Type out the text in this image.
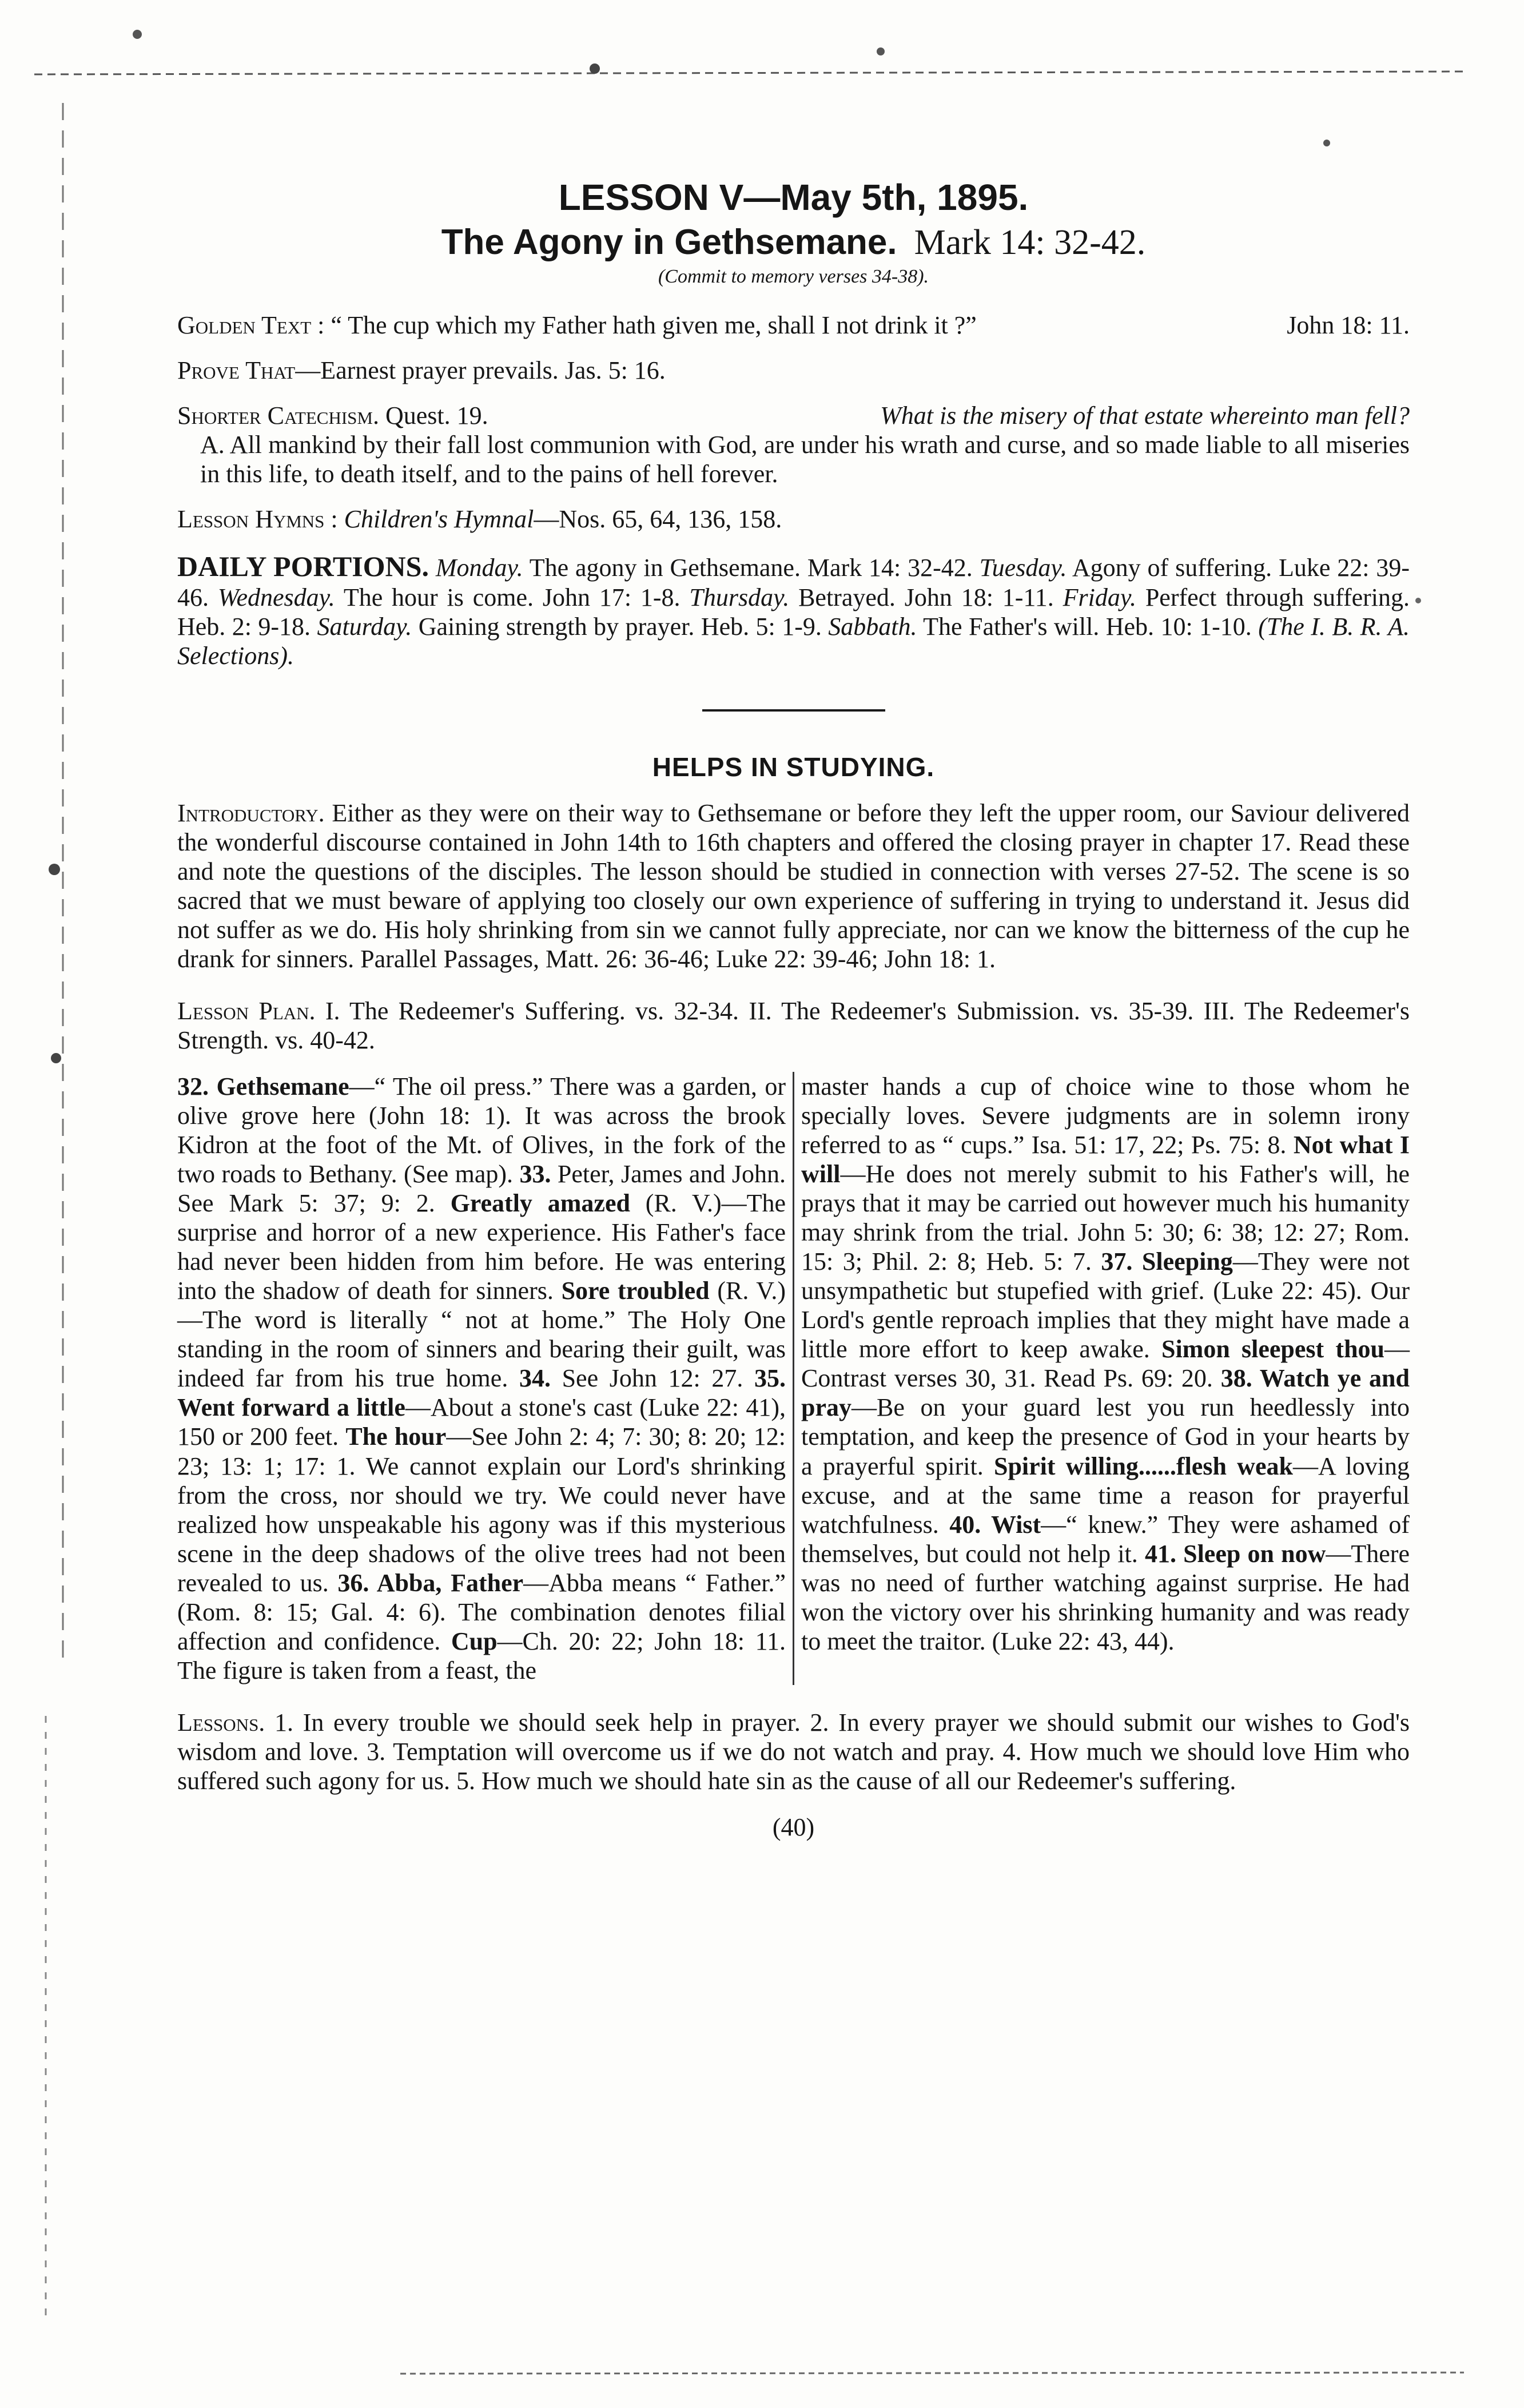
LESSON V—May 5th, 1895.
The Agony in Gethsemane. Mark 14: 32-42.
(Commit to memory verses 34-38).
Golden Text : “ The cup which my Father hath given me, shall I not drink it ?”	John 18: 11.

Prove That—Earnest prayer prevails. Jas. 5: 16.

Shorter Catechism. Quest. 19.	What is the misery of that estate whereinto man fell?
A. All mankind by their fall lost communion with God, are under his wrath and curse, and so made liable to all miseries in this life, to death itself, and to the pains of hell forever.

Lesson Hymns : Children's Hymnal—Nos. 65, 64, 136, 158.

DAILY PORTIONS. Monday. The agony in Gethsemane. Mark 14: 32-42. Tuesday. Agony of suffering. Luke 22: 39-46. Wednesday. The hour is come. John 17: 1-8. Thursday. Betrayed. John 18: 1-11. Friday. Perfect through suffering. Heb. 2: 9-18. Saturday. Gaining strength by prayer. Heb. 5: 1-9. Sabbath. The Father's will. Heb. 10: 1-10. (The I. B. R. A. Selections).

HELPS IN STUDYING.

Introductory. Either as they were on their way to Gethsemane or before they left the upper room, our Saviour delivered the wonderful discourse contained in John 14th to 16th chapters and offered the closing prayer in chapter 17. Read these and note the questions of the disciples. The lesson should be studied in connection with verses 27-52. The scene is so sacred that we must beware of applying too closely our own experience of suffering in trying to understand it. Jesus did not suffer as we do. His holy shrinking from sin we cannot fully appreciate, nor can we know the bitterness of the cup he drank for sinners. Parallel Passages, Matt. 26: 36-46; Luke 22: 39-46; John 18: 1.

Lesson Plan. I. The Redeemer's Suffering. vs. 32-34. II. The Redeemer's Submission. vs. 35-39. III. The Redeemer's Strength. vs. 40-42.

32. Gethsemane—“ The oil press.” There was a garden, or olive grove here (John 18: 1). It was across the brook Kidron at the foot of the Mt. of Olives, in the fork of the two roads to Bethany. (See map). 33. Peter, James and John. See Mark 5: 37; 9: 2. Greatly amazed (R. V.)—The surprise and horror of a new experience. His Father's face had never been hidden from him before. He was entering into the shadow of death for sinners. Sore troubled (R. V.)—The word is literally “ not at home.” The Holy One standing in the room of sinners and bearing their guilt, was indeed far from his true home. 34. See John 12: 27. 35. Went forward a little—About a stone's cast (Luke 22: 41), 150 or 200 feet. The hour—See John 2: 4; 7: 30; 8: 20; 12: 23; 13: 1; 17: 1. We cannot explain our Lord's shrinking from the cross, nor should we try. We could never have realized how unspeakable his agony was if this mysterious scene in the deep shadows of the olive trees had not been revealed to us. 36. Abba, Father—Abba means “ Father.” (Rom. 8: 15; Gal. 4: 6). The combination denotes filial affection and confidence. Cup—Ch. 20: 22; John 18: 11. The figure is taken from a feast, the
master hands a cup of choice wine to those whom he specially loves. Severe judgments are in solemn irony referred to as “ cups.” Isa. 51: 17, 22; Ps. 75: 8. Not what I will—He does not merely submit to his Father's will, he prays that it may be carried out however much his humanity may shrink from the trial. John 5: 30; 6: 38; 12: 27; Rom. 15: 3; Phil. 2: 8; Heb. 5: 7. 37. Sleeping—They were not unsympathetic but stupefied with grief. (Luke 22: 45). Our Lord's gentle reproach implies that they might have made a little more effort to keep awake. Simon sleepest thou—Contrast verses 30, 31. Read Ps. 69: 20. 38. Watch ye and pray—Be on your guard lest you run heedlessly into temptation, and keep the presence of God in your hearts by a prayerful spirit. Spirit willing......flesh weak—A loving excuse, and at the same time a reason for prayerful watchfulness. 40. Wist—“ knew.” They were ashamed of themselves, but could not help it. 41. Sleep on now—There was no need of further watching against surprise. He had won the victory over his shrinking humanity and was ready to meet the traitor. (Luke 22: 43, 44).

Lessons. 1. In every trouble we should seek help in prayer. 2. In every prayer we should submit our wishes to God's wisdom and love. 3. Temptation will overcome us if we do not watch and pray. 4. How much we should love Him who suffered such agony for us. 5. How much we should hate sin as the cause of all our Redeemer's suffering.

(40)
